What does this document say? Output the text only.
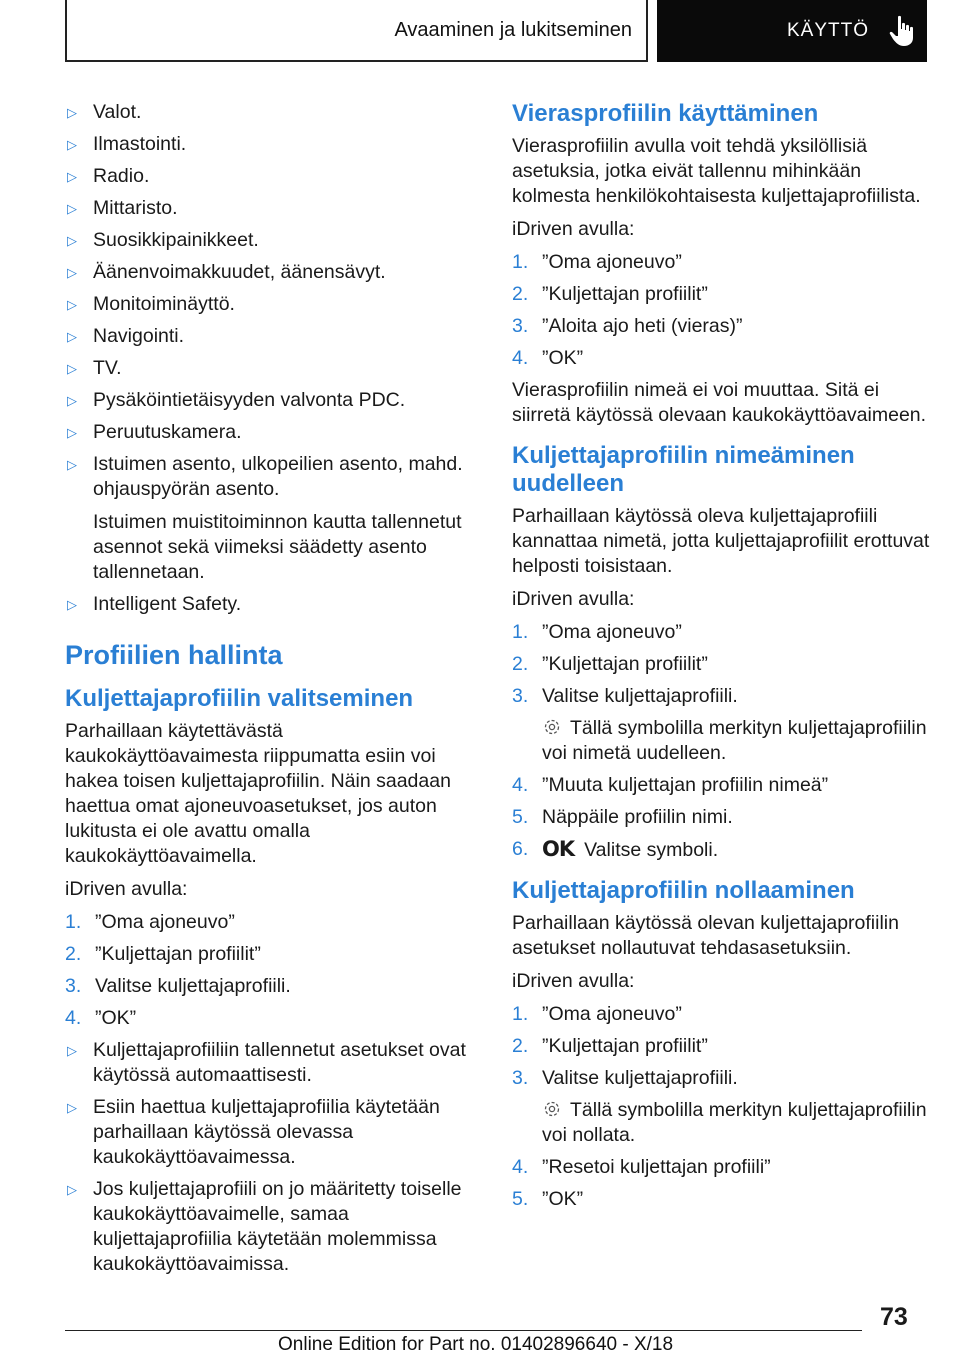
Avaaminen ja lukitseminen	KÄYTTÖ
▷ Valot.
▷ Ilmastointi.
▷ Radio.
▷ Mittaristo.
▷ Suosikkipainikkeet.
▷ Äänenvoimakkuudet, äänensävyt.
▷ Monitoiminäyttö.
▷ Navigointi.
▷ TV.
▷ Pysäköintietäisyyden valvonta PDC.
▷ Peruutuskamera.
▷ Istuimen asento, ulkopeilien asento, mahd. ohjauspyörän asento.
Istuimen muistitoiminnon kautta tallennetut asennot sekä viimeksi säädetty asento tallennetaan.
▷ Intelligent Safety.
Profiilien hallinta
Kuljettajaprofiilin valitseminen
Parhaillaan käytettävästä kaukokäyttöavaimesta riippumatta esiin voi hakea toisen kuljettajaprofiilin. Näin saadaan haettua omat ajoneuvoasetukset, jos auton lukitusta ei ole avattu omalla kaukokäyttöavaimella.
iDriven avulla:
1. ”Oma ajoneuvo”
2. ”Kuljettajan profiilit”
3. Valitse kuljettajaprofiili.
4. ”OK”
▷ Kuljettajaprofiiliin tallennetut asetukset ovat käytössä automaattisesti.
▷ Esiin haettua kuljettajaprofiilia käytetään parhaillaan käytössä olevassa kaukokäyttöavaimessa.
▷ Jos kuljettajaprofiili on jo määritetty toiselle kaukokäyttöavaimelle, samaa kuljettajaprofiilia käytetään molemmissa kaukokäyttöavaimissa.
Vierasprofiilin käyttäminen
Vierasprofiilin avulla voit tehdä yksilöllisiä asetuksia, jotka eivät tallennu mihinkään kolmesta henkilökohtaisesta kuljettajaprofiilista.
iDriven avulla:
1. ”Oma ajoneuvo”
2. ”Kuljettajan profiilit”
3. ”Aloita ajo heti (vieras)”
4. ”OK”
Vierasprofiilin nimeä ei voi muuttaa. Sitä ei siirretä käytössä olevaan kaukokäyttöavaimeen.
Kuljettajaprofiilin nimeäminen uudelleen
Parhaillaan käytössä oleva kuljettajaprofiili kannattaa nimetä, jotta kuljettajaprofiilit erottuvat helposti toisistaan.
iDriven avulla:
1. ”Oma ajoneuvo”
2. ”Kuljettajan profiilit”
3. Valitse kuljettajaprofiili.
Tällä symbolilla merkityn kuljettajaprofiilin voi nimetä uudelleen.
4. ”Muuta kuljettajan profiilin nimeä”
5. Näppäile profiilin nimi.
6. OK Valitse symboli.
Kuljettajaprofiilin nollaaminen
Parhaillaan käytössä olevan kuljettajaprofiilin asetukset nollautuvat tehdasasetuksiin.
iDriven avulla:
1. ”Oma ajoneuvo”
2. ”Kuljettajan profiilit”
3. Valitse kuljettajaprofiili.
Tällä symbolilla merkityn kuljettajaprofiilin voi nollata.
4. ”Resetoi kuljettajan profiili”
5. ”OK”
73
Online Edition for Part no. 01402896640 - X/18
